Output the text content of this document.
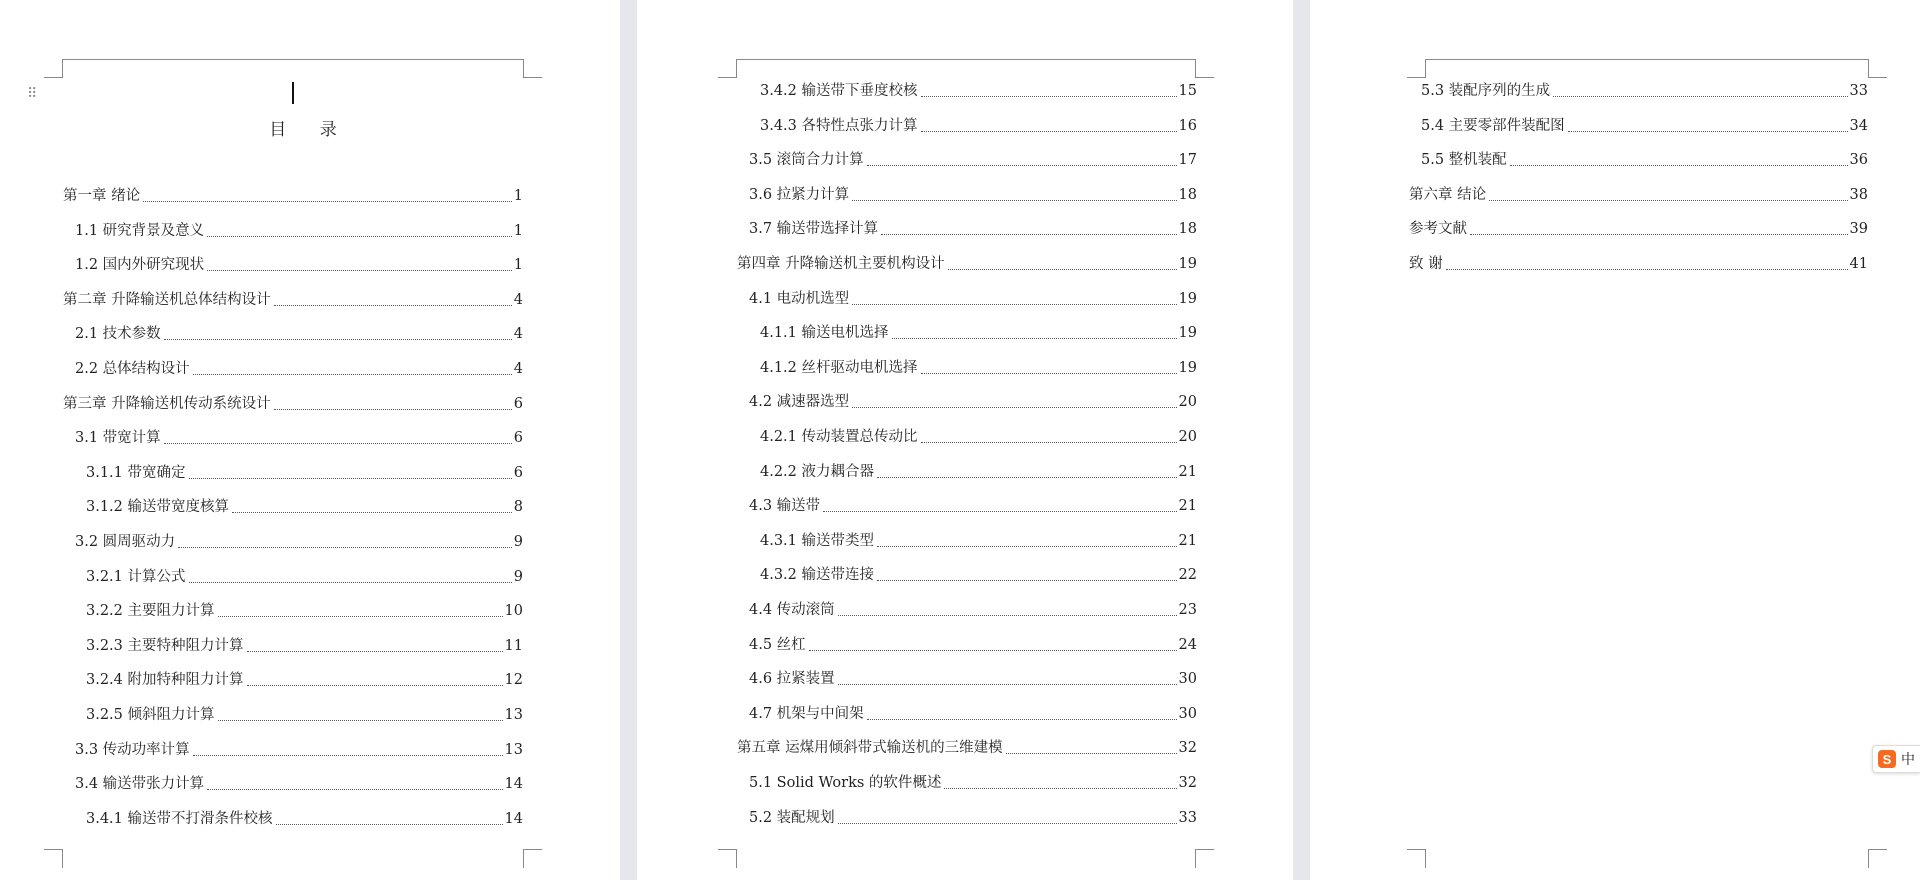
⠿
目 录
第一章 绪论	1
1.1 研究背景及意义	1
1.2 国内外研究现状	1
第二章 升降输送机总体结构设计	4
2.1 技术参数	4
2.2 总体结构设计	4
第三章 升降输送机传动系统设计	6
3.1 带宽计算	6
3.1.1 带宽确定	6
3.1.2 输送带宽度核算	8
3.2 圆周驱动力	9
3.2.1 计算公式	9
3.2.2 主要阻力计算	10
3.2.3 主要特种阻力计算	11
3.2.4 附加特种阻力计算	12
3.2.5 倾斜阻力计算	13
3.3 传动功率计算	13
3.4 输送带张力计算	14
3.4.1 输送带不打滑条件校核	14
3.4.2 输送带下垂度校核	15
3.4.3 各特性点张力计算	16
3.5 滚筒合力计算	17
3.6 拉紧力计算	18
3.7 输送带选择计算	18
第四章 升降输送机主要机构设计	19
4.1 电动机选型	19
4.1.1 输送电机选择	19
4.1.2 丝杆驱动电机选择	19
4.2 减速器选型	20
4.2.1 传动装置总传动比	20
4.2.2 液力耦合器	21
4.3 输送带	21
4.3.1 输送带类型	21
4.3.2 输送带连接	22
4.4 传动滚筒	23
4.5 丝杠	24
4.6 拉紧装置	30
4.7 机架与中间架	30
第五章 运煤用倾斜带式输送机的三维建模	32
5.1 Solid Works 的软件概述	32
5.2 装配规划	33
5.3 装配序列的生成	33
5.4 主要零部件装配图	34
5.5 整机装配	36
第六章 结论	38
参考文献	39
致 谢	41
S 中
